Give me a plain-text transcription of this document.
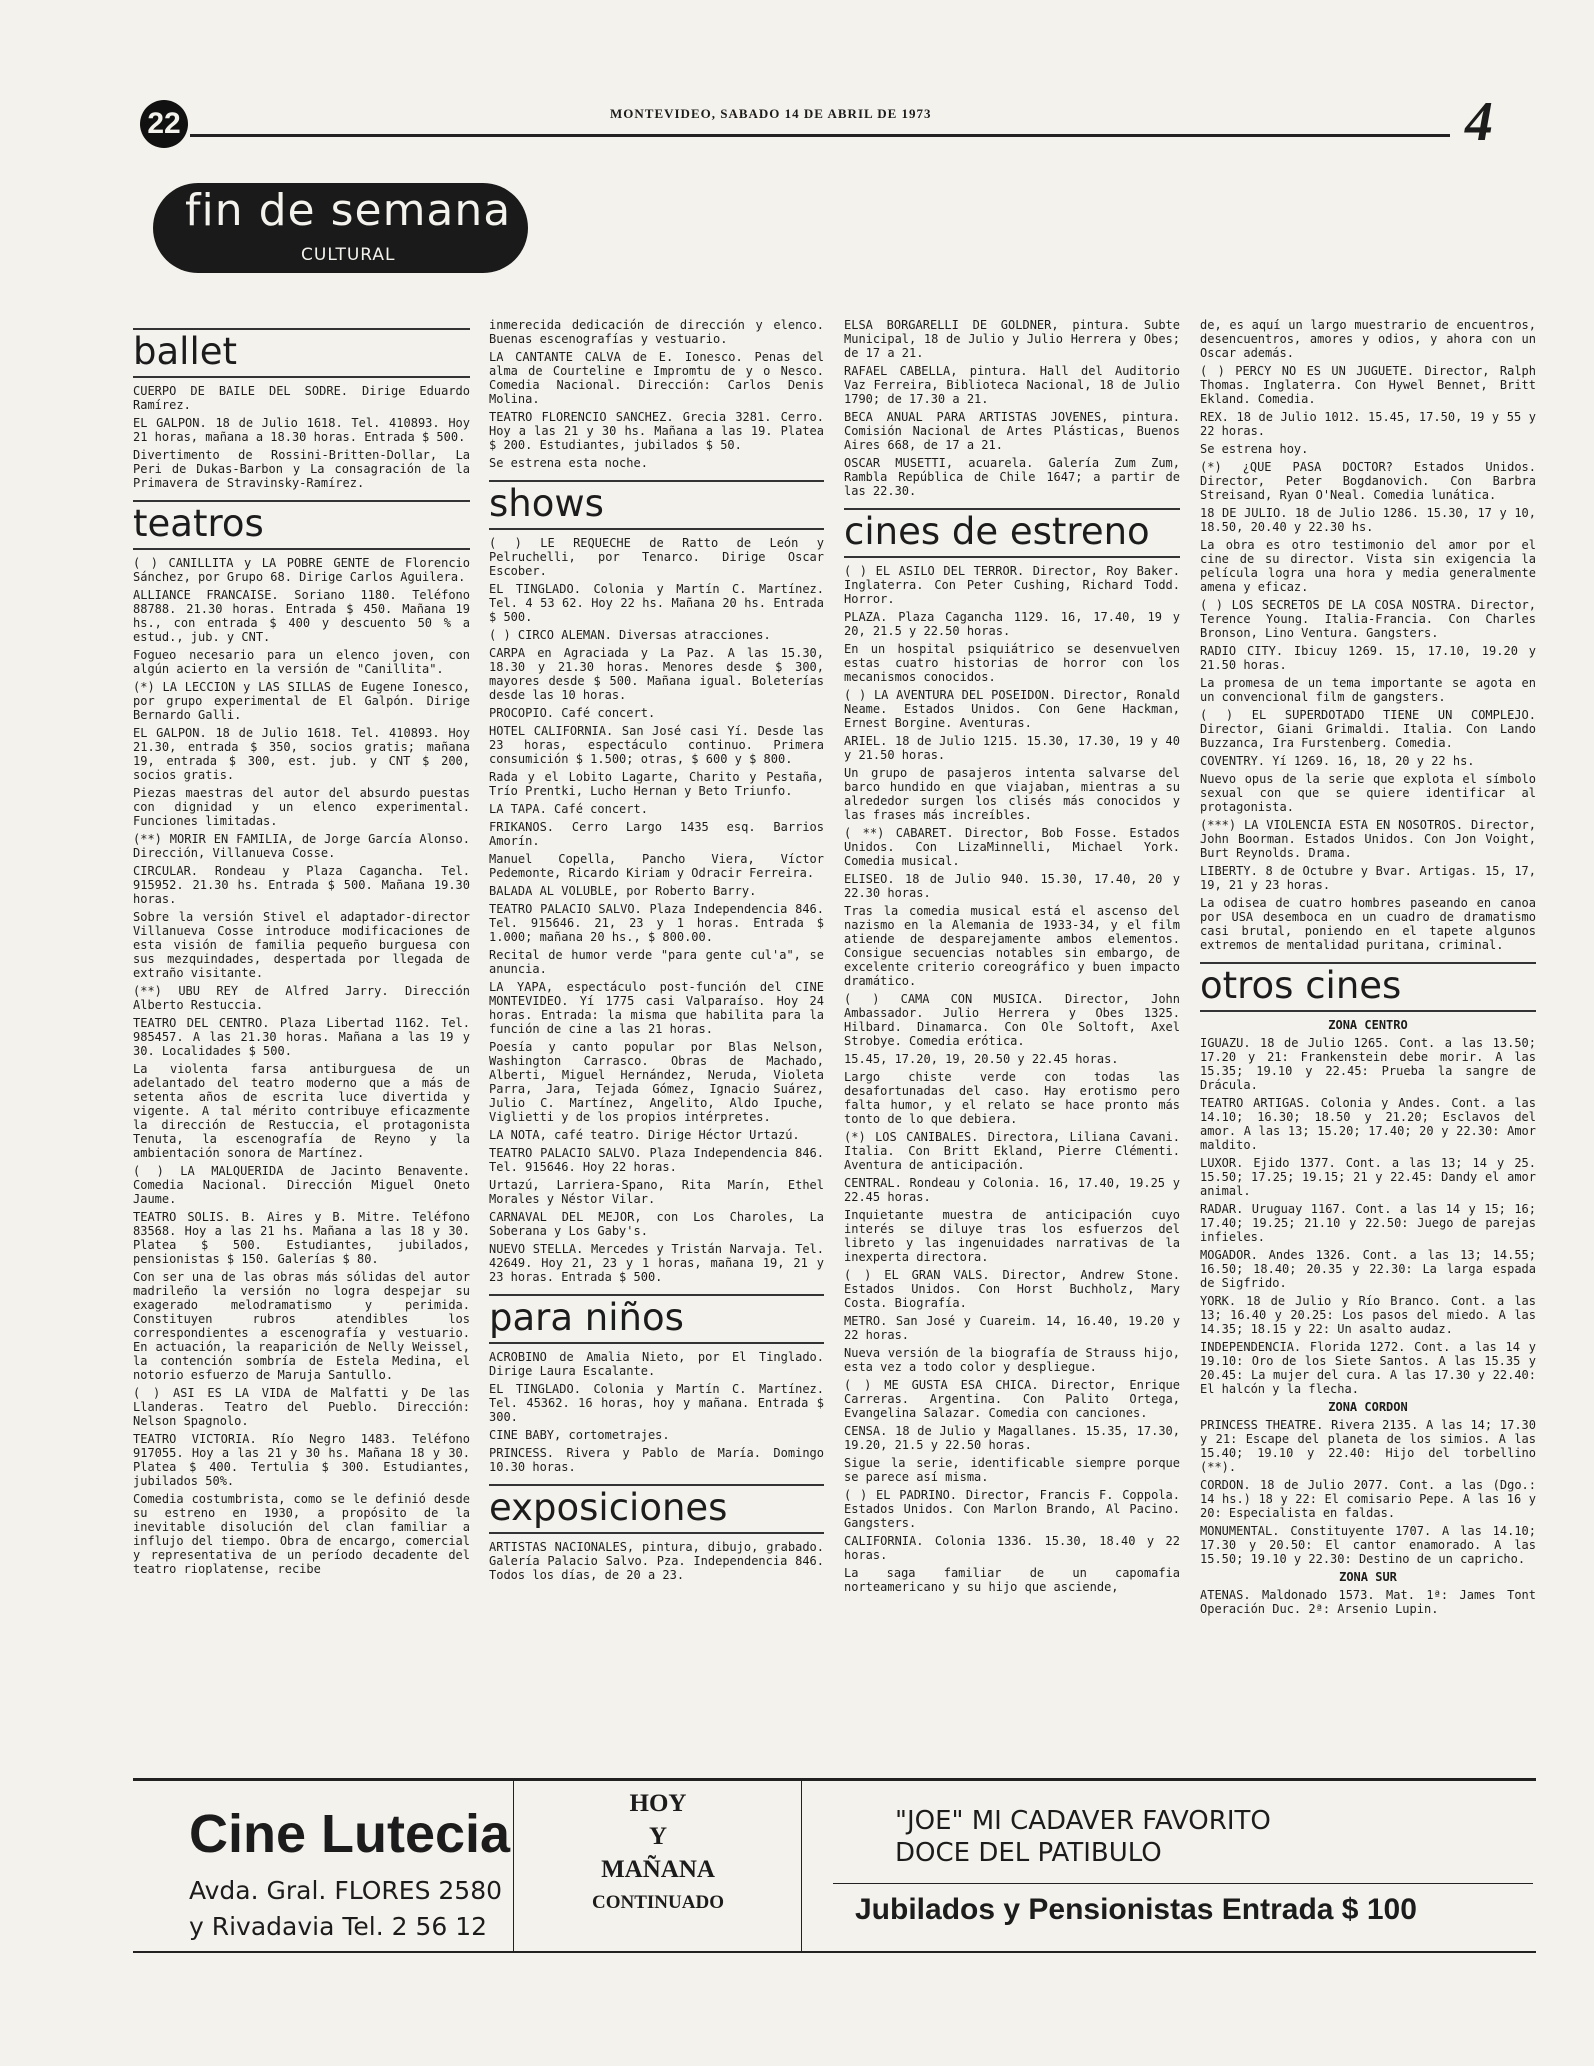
22	MONTEVIDEO, SABADO 14 DE ABRIL DE 1973	4
fin de semana
CULTURAL
ballet

CUERPO DE BAILE DEL SODRE. Dirige Eduardo Ramírez.

EL GALPON. 18 de Julio 1618. Tel. 410893. Hoy 21 horas, mañana a 18.30 horas. Entrada $ 500.

Divertimento de Rossini-Britten-Dollar, La Peri de Dukas-Barbon y La consagración de la Primavera de Stravinsky-Ramírez.

teatros

( ) CANILLITA y LA POBRE GENTE de Florencio Sánchez, por Grupo 68. Dirige Carlos Aguilera.

ALLIANCE FRANCAISE. Soriano 1180. Teléfono 88788. 21.30 horas. Entrada $ 450. Mañana 19 hs., con entrada $ 400 y descuento 50 % a estud., jub. y CNT.

Fogueo necesario para un elenco joven, con algún acierto en la versión de "Canillita".

(*) LA LECCION y LAS SILLAS de Eugene Ionesco, por grupo experimental de El Galpón. Dirige Bernardo Galli.

EL GALPON. 18 de Julio 1618. Tel. 410893. Hoy 21.30, entrada $ 350, socios gratis; mañana 19, entrada $ 300, est. jub. y CNT $ 200, socios gratis.

Piezas maestras del autor del absurdo puestas con dignidad y un elenco experimental. Funciones limitadas.

(**) MORIR EN FAMILIA, de Jorge García Alonso. Dirección, Villanueva Cosse.

CIRCULAR. Rondeau y Plaza Cagancha. Tel. 915952. 21.30 hs. Entrada $ 500. Mañana 19.30 horas.

Sobre la versión Stivel el adaptador-director Villanueva Cosse introduce modificaciones de esta visión de familia pequeño burguesa con sus mezquindades, despertada por llegada de extraño visitante.

(**) UBU REY de Alfred Jarry. Dirección Alberto Restuccia.

TEATRO DEL CENTRO. Plaza Libertad 1162. Tel. 985457. A las 21.30 horas. Mañana a las 19 y 30. Localidades $ 500.

La violenta farsa antiburguesa de un adelantado del teatro moderno que a más de setenta años de escrita luce divertida y vigente. A tal mérito contribuye eficazmente la dirección de Restuccia, el protagonista Tenuta, la escenografía de Reyno y la ambientación sonora de Martínez.

( ) LA MALQUERIDA de Jacinto Benavente. Comedia Nacional. Dirección Miguel Oneto Jaume.

TEATRO SOLIS. B. Aires y B. Mitre. Teléfono 83568. Hoy a las 21 hs. Mañana a las 18 y 30. Platea $ 500. Estudiantes, jubilados, pensionistas $ 150. Galerías $ 80.

Con ser una de las obras más sólidas del autor madrileño la versión no logra despejar su exagerado melodramatismo y perimida. Constituyen rubros atendibles los correspondientes a escenografía y vestuario. En actuación, la reaparición de Nelly Weissel, la contención sombría de Estela Medina, el notorio esfuerzo de Maruja Santullo.

( ) ASI ES LA VIDA de Malfatti y De las Llanderas. Teatro del Pueblo. Dirección: Nelson Spagnolo.

TEATRO VICTORIA. Río Negro 1483. Teléfono 917055. Hoy a las 21 y 30 hs. Mañana 18 y 30. Platea $ 400. Tertulia $ 300. Estudiantes, jubilados 50%.

Comedia costumbrista, como se le definió desde su estreno en 1930, a propósito de la inevitable disolución del clan familiar a influjo del tiempo. Obra de encargo, comercial y representativa de un período decadente del teatro rioplatense, recibe

inmerecida dedicación de dirección y elenco. Buenas escenografías y vestuario.

LA CANTANTE CALVA de E. Ionesco. Penas del alma de Courteline e Impromtu de y o Nesco. Comedia Nacional. Dirección: Carlos Denis Molina.

TEATRO FLORENCIO SANCHEZ. Grecia 3281. Cerro. Hoy a las 21 y 30 hs. Mañana a las 19. Platea $ 200. Estudiantes, jubilados $ 50.

Se estrena esta noche.

shows

( ) LE REQUECHE de Ratto de León y Pelruchelli, por Tenarco. Dirige Oscar Escober.

EL TINGLADO. Colonia y Martín C. Martínez. Tel. 4 53 62. Hoy 22 hs. Mañana 20 hs. Entrada $ 500.

( ) CIRCO ALEMAN. Diversas atracciones.

CARPA en Agraciada y La Paz. A las 15.30, 18.30 y 21.30 horas. Menores desde $ 300, mayores desde $ 500. Mañana igual. Boleterías desde las 10 horas.

PROCOPIO. Café concert.

HOTEL CALIFORNIA. San José casi Yí. Desde las 23 horas, espectáculo continuo. Primera consumición $ 1.500; otras, $ 600 y $ 800.

Rada y el Lobito Lagarte, Charito y Pestaña, Trío Prentki, Lucho Hernan y Beto Triunfo.

LA TAPA. Café concert.

FRIKANOS. Cerro Largo 1435 esq. Barrios Amorín.

Manuel Copella, Pancho Viera, Víctor Pedemonte, Ricardo Kiriam y Odracir Ferreira.

BALADA AL VOLUBLE, por Roberto Barry.

TEATRO PALACIO SALVO. Plaza Independencia 846. Tel. 915646. 21, 23 y 1 horas. Entrada $ 1.000; mañana 20 hs., $ 800.00.

Recital de humor verde "para gente cul'a", se anuncia.

LA YAPA, espectáculo post-función del CINE MONTEVIDEO. Yí 1775 casi Valparaíso. Hoy 24 horas. Entrada: la misma que habilita para la función de cine a las 21 horas.

Poesía y canto popular por Blas Nelson, Washington Carrasco. Obras de Machado, Alberti, Miguel Hernández, Neruda, Violeta Parra, Jara, Tejada Gómez, Ignacio Suárez, Julio C. Martínez, Angelito, Aldo Ipuche, Viglietti y de los propios intérpretes.

LA NOTA, café teatro. Dirige Héctor Urtazú.

TEATRO PALACIO SALVO. Plaza Independencia 846. Tel. 915646. Hoy 22 horas.

Urtazú, Larriera-Spano, Rita Marín, Ethel Morales y Néstor Vilar.

CARNAVAL DEL MEJOR, con Los Charoles, La Soberana y Los Gaby's.

NUEVO STELLA. Mercedes y Tristán Narvaja. Tel. 42649. Hoy 21, 23 y 1 horas, mañana 19, 21 y 23 horas. Entrada $ 500.

para niños

ACROBINO de Amalia Nieto, por El Tinglado. Dirige Laura Escalante.

EL TINGLADO. Colonia y Martín C. Martínez. Tel. 45362. 16 horas, hoy y mañana. Entrada $ 300.

CINE BABY, cortometrajes.

PRINCESS. Rivera y Pablo de María. Domingo 10.30 horas.

exposiciones

ARTISTAS NACIONALES, pintura, dibujo, grabado. Galería Palacio Salvo. Pza. Independencia 846. Todos los días, de 20 a 23.

ELSA BORGARELLI DE GOLDNER, pintura. Subte Municipal, 18 de Julio y Julio Herrera y Obes; de 17 a 21.

RAFAEL CABELLA, pintura. Hall del Auditorio Vaz Ferreira, Biblioteca Nacional, 18 de Julio 1790; de 17.30 a 21.

BECA ANUAL PARA ARTISTAS JOVENES, pintura. Comisión Nacional de Artes Plásticas, Buenos Aires 668, de 17 a 21.

OSCAR MUSETTI, acuarela. Galería Zum Zum, Rambla República de Chile 1647; a partir de las 22.30.

cines de estreno

( ) EL ASILO DEL TERROR. Director, Roy Baker. Inglaterra. Con Peter Cushing, Richard Todd. Horror.

PLAZA. Plaza Cagancha 1129. 16, 17.40, 19 y 20, 21.5 y 22.50 horas.

En un hospital psiquiátrico se desenvuelven estas cuatro historias de horror con los mecanismos conocidos.

( ) LA AVENTURA DEL POSEIDON. Director, Ronald Neame. Estados Unidos. Con Gene Hackman, Ernest Borgine. Aventuras.

ARIEL. 18 de Julio 1215. 15.30, 17.30, 19 y 40 y 21.50 horas.

Un grupo de pasajeros intenta salvarse del barco hundido en que viajaban, mientras a su alrededor surgen los clisés más conocidos y las frases más increíbles.

( **) CABARET. Director, Bob Fosse. Estados Unidos. Con LizaMinnelli, Michael York. Comedia musical.

ELISEO. 18 de Julio 940. 15.30, 17.40, 20 y 22.30 horas.

Tras la comedia musical está el ascenso del nazismo en la Alemania de 1933-34, y el film atiende de desparejamente ambos elementos. Consigue secuencias notables sin embargo, de excelente criterio coreográfico y buen impacto dramático.

( ) CAMA CON MUSICA. Director, John Ambassador. Julio Herrera y Obes 1325. Hilbard. Dinamarca. Con Ole Soltoft, Axel Strobye. Comedia erótica.

15.45, 17.20, 19, 20.50 y 22.45 horas.

Largo chiste verde con todas las desafortunadas del caso. Hay erotismo pero falta humor, y el relato se hace pronto más tonto de lo que debiera.

(*) LOS CANIBALES. Directora, Liliana Cavani. Italia. Con Britt Ekland, Pierre Clémenti. Aventura de anticipación.

CENTRAL. Rondeau y Colonia. 16, 17.40, 19.25 y 22.45 horas.

Inquietante muestra de anticipación cuyo interés se diluye tras los esfuerzos del libreto y las ingenuidades narrativas de la inexperta directora.

( ) EL GRAN VALS. Director, Andrew Stone. Estados Unidos. Con Horst Buchholz, Mary Costa. Biografía.

METRO. San José y Cuareim. 14, 16.40, 19.20 y 22 horas.

Nueva versión de la biografía de Strauss hijo, esta vez a todo color y despliegue.

( ) ME GUSTA ESA CHICA. Director, Enrique Carreras. Argentina. Con Palito Ortega, Evangelina Salazar. Comedia con canciones.

CENSA. 18 de Julio y Magallanes. 15.35, 17.30, 19.20, 21.5 y 22.50 horas.

Sigue la serie, identificable siempre porque se parece así misma.

( ) EL PADRINO. Director, Francis F. Coppola. Estados Unidos. Con Marlon Brando, Al Pacino. Gangsters.

CALIFORNIA. Colonia 1336. 15.30, 18.40 y 22 horas.

La saga familiar de un capomafia norteamericano y su hijo que asciende,

de, es aquí un largo muestrario de encuentros, desencuentros, amores y odios, y ahora con un Oscar además.

( ) PERCY NO ES UN JUGUETE. Director, Ralph Thomas. Inglaterra. Con Hywel Bennet, Britt Ekland. Comedia.

REX. 18 de Julio 1012. 15.45, 17.50, 19 y 55 y 22 horas.

Se estrena hoy.

(*) ¿QUE PASA DOCTOR? Estados Unidos. Director, Peter Bogdanovich. Con Barbra Streisand, Ryan O'Neal. Comedia lunática.

18 DE JULIO. 18 de Julio 1286. 15.30, 17 y 10, 18.50, 20.40 y 22.30 hs.

La obra es otro testimonio del amor por el cine de su director. Vista sin exigencia la película logra una hora y media generalmente amena y eficaz.

( ) LOS SECRETOS DE LA COSA NOSTRA. Director, Terence Young. Italia-Francia. Con Charles Bronson, Lino Ventura. Gangsters.

RADIO CITY. Ibicuy 1269. 15, 17.10, 19.20 y 21.50 horas.

La promesa de un tema importante se agota en un convencional film de gangsters.

( ) EL SUPERDOTADO TIENE UN COMPLEJO. Director, Giani Grimaldi. Italia. Con Lando Buzzanca, Ira Furstenberg. Comedia.

COVENTRY. Yí 1269. 16, 18, 20 y 22 hs.

Nuevo opus de la serie que explota el símbolo sexual con que se quiere identificar al protagonista.

(***) LA VIOLENCIA ESTA EN NOSOTROS. Director, John Boorman. Estados Unidos. Con Jon Voight, Burt Reynolds. Drama.

LIBERTY. 8 de Octubre y Bvar. Artigas. 15, 17, 19, 21 y 23 horas.

La odisea de cuatro hombres paseando en canoa por USA desemboca en un cuadro de dramatismo casi brutal, poniendo en el tapete algunos extremos de mentalidad puritana, criminal.

otros cines

ZONA CENTRO

IGUAZU. 18 de Julio 1265. Cont. a las 13.50; 17.20 y 21: Frankenstein debe morir. A las 15.35; 19.10 y 22.45: Prueba la sangre de Drácula.

TEATRO ARTIGAS. Colonia y Andes. Cont. a las 14.10; 16.30; 18.50 y 21.20; Esclavos del amor. A las 13; 15.20; 17.40; 20 y 22.30: Amor maldito.

LUXOR. Ejido 1377. Cont. a las 13; 14 y 25. 15.50; 17.25; 19.15; 21 y 22.45: Dandy el amor animal.

RADAR. Uruguay 1167. Cont. a las 14 y 15; 16; 17.40; 19.25; 21.10 y 22.50: Juego de parejas infieles.

MOGADOR. Andes 1326. Cont. a las 13; 14.55; 16.50; 18.40; 20.35 y 22.30: La larga espada de Sigfrido.

YORK. 18 de Julio y Río Branco. Cont. a las 13; 16.40 y 20.25: Los pasos del miedo. A las 14.35; 18.15 y 22: Un asalto audaz.

INDEPENDENCIA. Florida 1272. Cont. a las 14 y 19.10: Oro de los Siete Santos. A las 15.35 y 20.45: La mujer del cura. A las 17.30 y 22.40: El halcón y la flecha.

ZONA CORDON

PRINCESS THEATRE. Rivera 2135. A las 14; 17.30 y 21: Escape del planeta de los simios. A las 15.40; 19.10 y 22.40: Hijo del torbellino (**).

CORDON. 18 de Julio 2077. Cont. a las (Dgo.: 14 hs.) 18 y 22: El comisario Pepe. A las 16 y 20: Especialista en faldas.

MONUMENTAL. Constituyente 1707. A las 14.10; 17.30 y 20.50: El cantor enamorado. A las 15.50; 19.10 y 22.30: Destino de un capricho.

ZONA SUR

ATENAS. Maldonado 1573. Mat. 1ª: James Tont Operación Duc. 2ª: Arsenio Lupin.

Cine Lutecia
Avda. Gral. FLORES 2580
y Rivadavia Tel. 2 56 12
HOY
Y
MAÑANA
CONTINUADO
"JOE" MI CADAVER FAVORITO
DOCE DEL PATIBULO
Jubilados y Pensionistas Entrada $ 100
